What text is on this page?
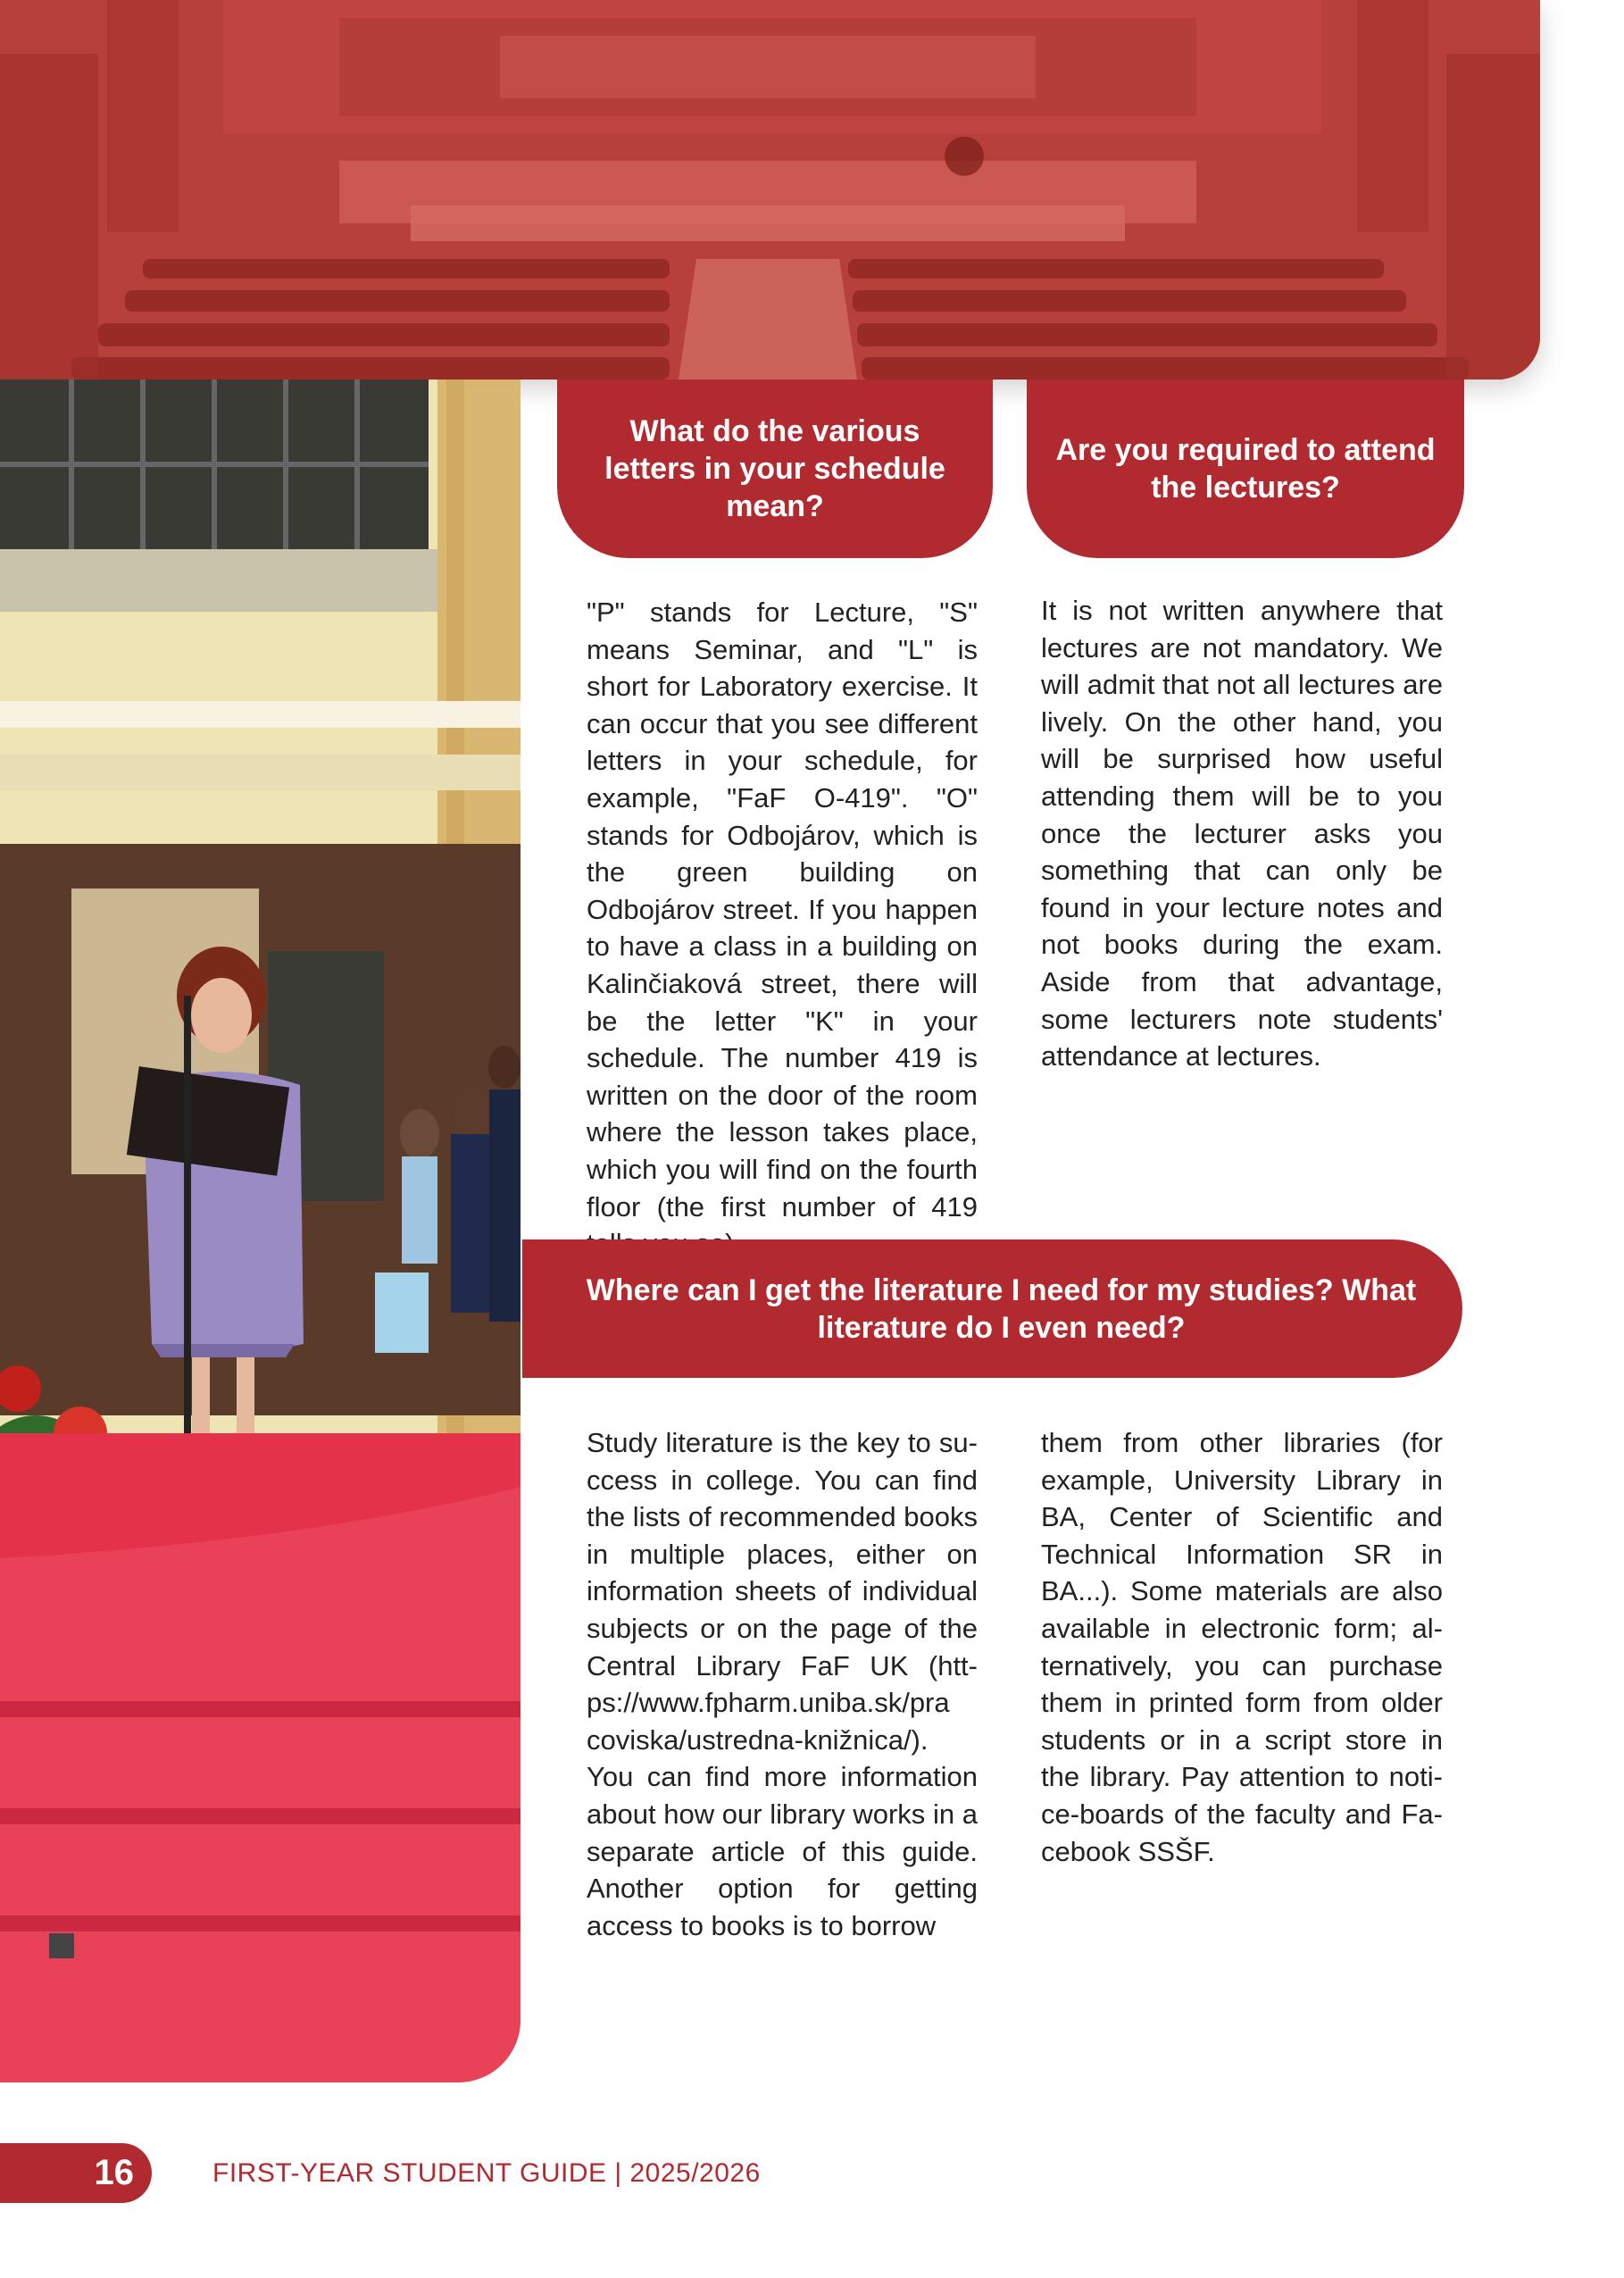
What do the various letters in your schedule mean?

"P" stands for Lecture, "S" means Seminar, and "L" is short for Laboratory exercise. It can occur that you see different letters in your schedule, for example, "FaF O-419". "O" stands for Odbojárov, which is the green building on Odbojárov street. If you happen to have a class in a building on Kalinčiaková street, there will be the letter "K" in your schedule. The number 419 is written on the door of the room where the lesson takes place, which you will find on the fourth floor (the first number of 419

Are you required to attend the lectures?

It is not written anywhere that lectures are not mandatory. We will admit that not all lectures are lively. On the other hand, you will be surprised how useful attending them will be to you once the lecturer asks you something that can only be found in your lecture notes and not books during the exam. Aside from that advantage, some lecturers note students' attendance at lectures.

Where can I get the literature I need for my studies? What literature do I even need?

Study literature is the key to success in college. You can find the lists of recommended books in multiple places, either on information sheets of individual subjects or on the page of the Central Library FaF UK (https://www.fpharm.uniba.sk/pra coviska/ustredna-knižnica/). You can find more information about how our library works in a separate article of this guide. Another option for getting access to books is to borrow

them from other libraries (for example, University Library in BA, Center of Scientific and Technical Information SR in BA...). Some materials are also available in electronic form; alternatively, you can purchase them in printed form from older students or in a script store in the library. Pay attention to notice-boards of the faculty and Facebook SSŠF.

16	FIRST-YEAR STUDENT GUIDE | 2025/2026
